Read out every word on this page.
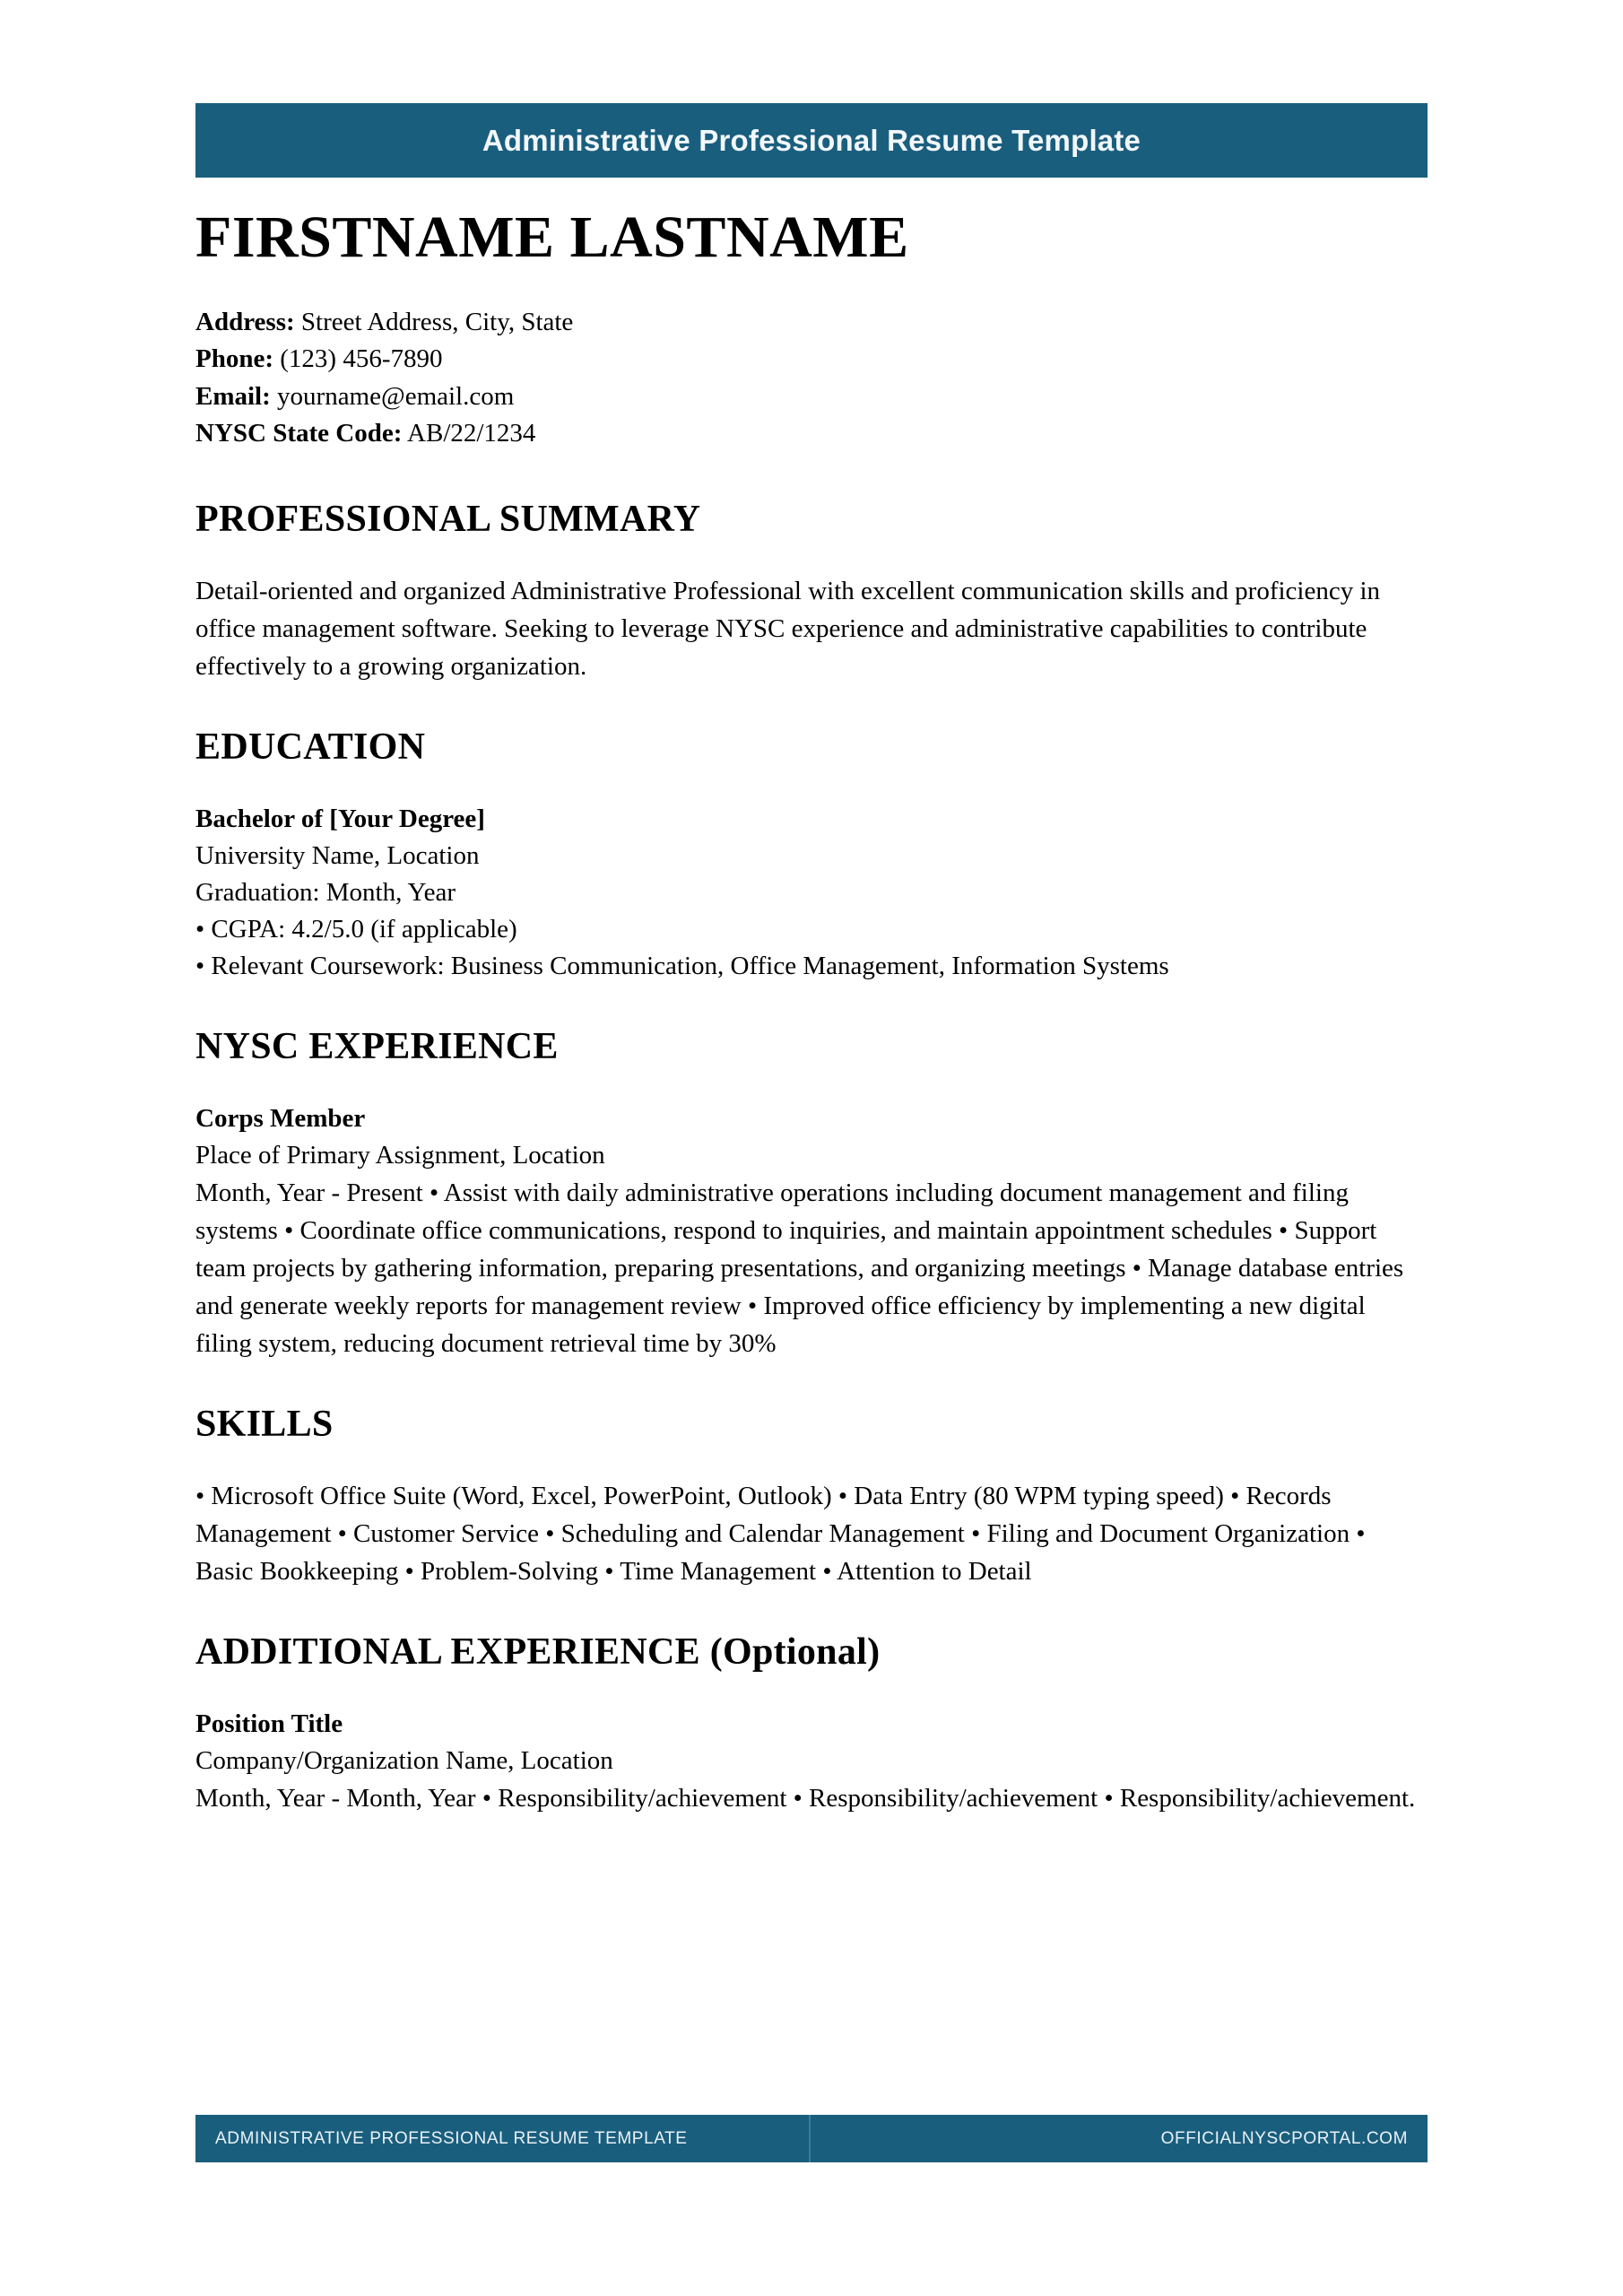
Administrative Professional Resume Template
FIRSTNAME LASTNAME
Address: Street Address, City, State
Phone: (123) 456-7890
Email: yourname@email.com
NYSC State Code: AB/22/1234
PROFESSIONAL SUMMARY

Detail-oriented and organized Administrative Professional with excellent communication skills and proficiency in office management software. Seeking to leverage NYSC experience and administrative capabilities to contribute effectively to a growing organization.

EDUCATION
Bachelor of [Your Degree]
University Name, Location
Graduation: Month, Year
• CGPA: 4.2/5.0 (if applicable)
• Relevant Coursework: Business Communication, Office Management, Information Systems
NYSC EXPERIENCE
Corps Member
Place of Primary Assignment, Location
Month, Year - Present • Assist with daily administrative operations including document management and filing systems • Coordinate office communications, respond to inquiries, and maintain appointment schedules • Support team projects by gathering information, preparing presentations, and organizing meetings • Manage database entries and generate weekly reports for management review • Improved office efficiency by implementing a new digital filing system, reducing document retrieval time by 30%
SKILLS

• Microsoft Office Suite (Word, Excel, PowerPoint, Outlook) • Data Entry (80 WPM typing speed) • Records Management • Customer Service • Scheduling and Calendar Management • Filing and Document Organization • Basic Bookkeeping • Problem-Solving • Time Management • Attention to Detail

ADDITIONAL EXPERIENCE (Optional)
Position Title
Company/Organization Name, Location
Month, Year - Month, Year • Responsibility/achievement • Responsibility/achievement • Responsibility/achievement.
ADMINISTRATIVE PROFESSIONAL RESUME TEMPLATE	OFFICIALNYSCPORTAL.COM
